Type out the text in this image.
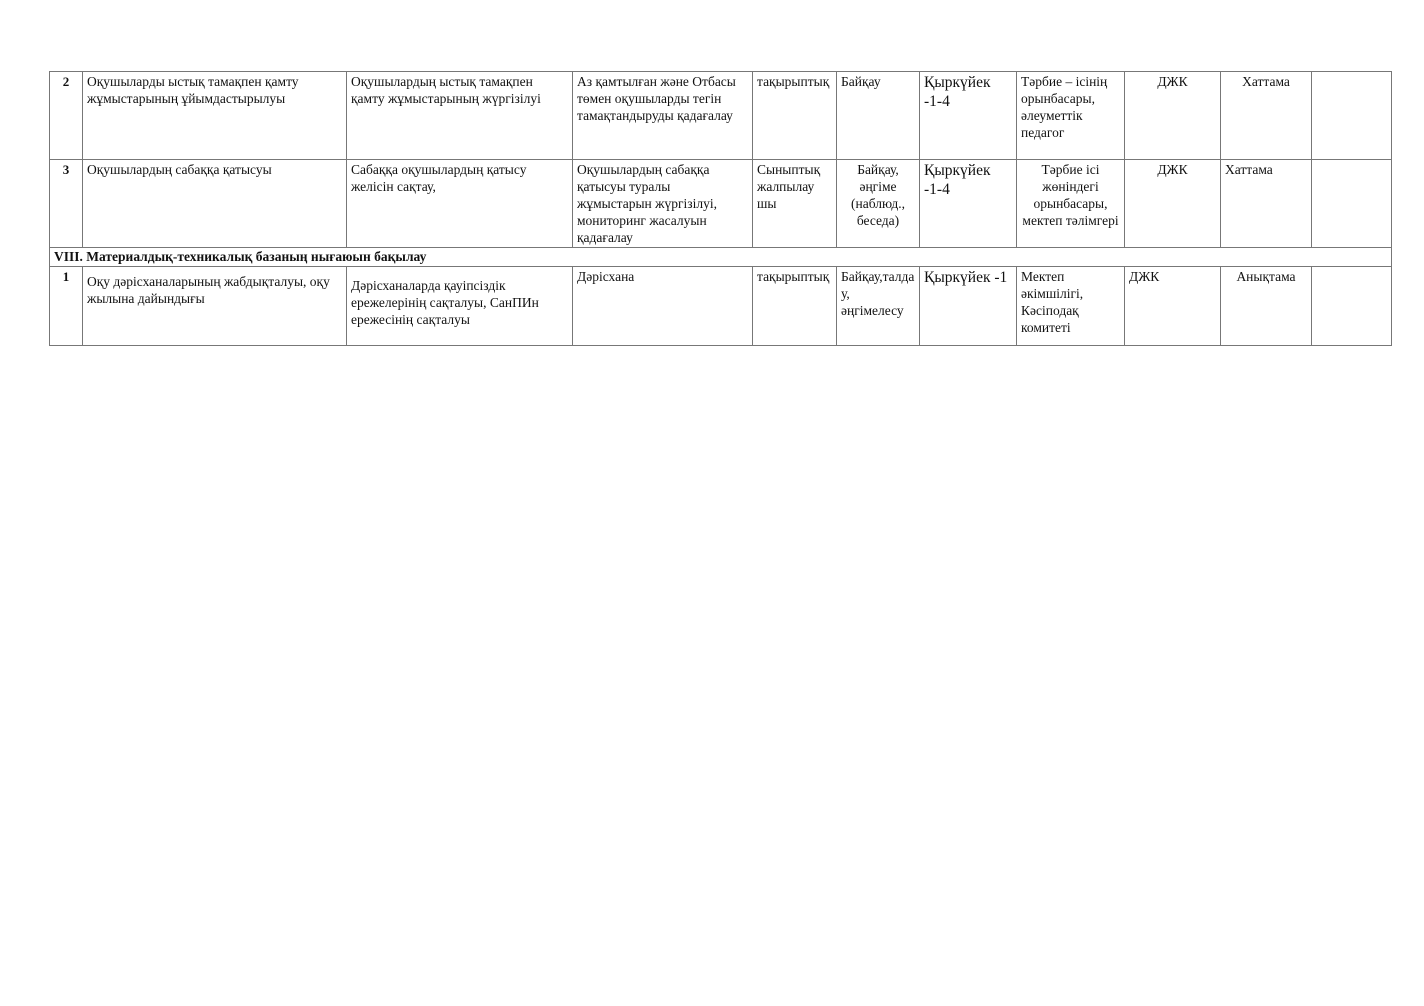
2	Оқушыларды ыстық тамақпен қамту жұмыстарының ұйымдастырылуы	Оқушылардың ыстық тамақпен қамту жұмыстарының жүргізілуі	Аз қамтылған және Отбасы төмен оқушыларды тегін тамақтандыруды қадағалау	тақырыптық	Байқау	Қыркүйек -1-4	Тәрбие – ісінің орынбасары, әлеуметтік педагог	ДЖК	Хаттама	
3	Оқушылардың сабаққа қатысуы	Сабаққа оқушылардың қатысу желісін сақтау,	Оқушылардың сабаққа қатысуы туралы жұмыстарын жүргізілуі, мониторинг жасалуын қадағалау	Сыныптық жалпылау шы	Байқау, әңгіме (наблюд., беседа)	Қыркүйек -1-4	Тәрбие ісі жөніндегі орынбасары, мектеп тәлімгері	ДЖК	Хаттама	
VIII. Материалдық-техникалық базаның нығаюын бақылау										
1	Оқу дәрісханаларының жабдықталуы, оқу жылына дайындығы	Дәрісханаларда қауіпсіздік ережелерінің сақталуы, СанПИн ережесінің сақталуы	Дәрісхана	тақырыптық	Байқау,талдау, әңгімелесу	Қыркүйек -1	Мектеп әкімшілігі, Кәсіподақ комитеті	ДЖК	Анықтама	
